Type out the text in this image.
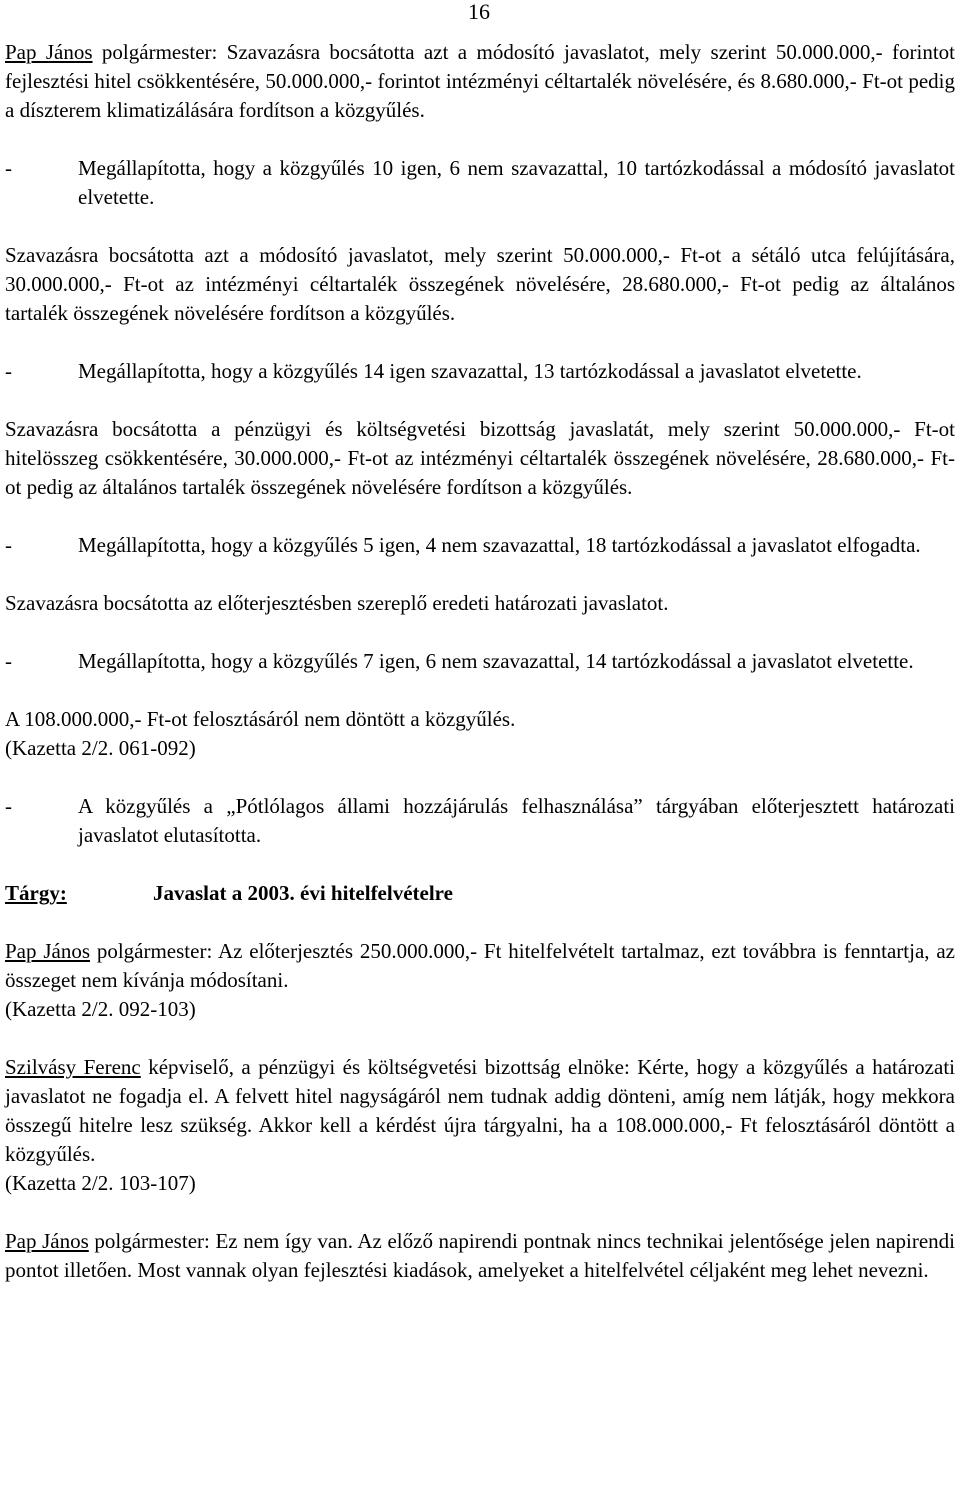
16

Pap János polgármester: Szavazásra bocsátotta azt a módosító javaslatot, mely szerint 50.000.000,- forintot fejlesztési hitel csökkentésére, 50.000.000,- forintot intézményi céltartalék növelésére, és 8.680.000,- Ft-ot pedig a díszterem klimatizálására fordítson a közgyűlés.

-	Megállapította, hogy a közgyűlés 10 igen, 6 nem szavazattal, 10 tartózkodással a módosító javaslatot elvetette.

Szavazásra bocsátotta azt a módosító javaslatot, mely szerint 50.000.000,- Ft-ot a sétáló utca felújítására, 30.000.000,- Ft-ot az intézményi céltartalék összegének növelésére, 28.680.000,- Ft-ot pedig az általános tartalék összegének növelésére fordítson a közgyűlés.

-	Megállapította, hogy a közgyűlés 14 igen szavazattal, 13 tartózkodással a javaslatot elvetette.

Szavazásra bocsátotta a pénzügyi és költségvetési bizottság javaslatát, mely szerint 50.000.000,- Ft-ot hitelösszeg csökkentésére, 30.000.000,- Ft-ot az intézményi céltartalék összegének növelésére, 28.680.000,- Ft-ot pedig az általános tartalék összegének növelésére fordítson a közgyűlés.

-	Megállapította, hogy a közgyűlés 5 igen, 4 nem szavazattal, 18 tartózkodással a javaslatot elfogadta.

Szavazásra bocsátotta az előterjesztésben szereplő eredeti határozati javaslatot.

-	Megállapította, hogy a közgyűlés 7 igen, 6 nem szavazattal, 14 tartózkodással a javaslatot elvetette.

A 108.000.000,- Ft-ot felosztásáról nem döntött a közgyűlés.

(Kazetta 2/2. 061-092)

-	A közgyűlés a „Pótlólagos állami hozzájárulás felhasználása” tárgyában előterjesztett határozati javaslatot elutasította.
Tárgy:	Javaslat a 2003. évi hitelfelvételre

Pap János polgármester: Az előterjesztés 250.000.000,- Ft hitelfelvételt tartalmaz, ezt továbbra is fenntartja, az összeget nem kívánja módosítani.

(Kazetta 2/2. 092-103)

Szilvásy Ferenc képviselő, a pénzügyi és költségvetési bizottság elnöke: Kérte, hogy a közgyűlés a határozati javaslatot ne fogadja el. A felvett hitel nagyságáról nem tudnak addig dönteni, amíg nem látják, hogy mekkora összegű hitelre lesz szükség. Akkor kell a kérdést újra tárgyalni, ha a 108.000.000,- Ft felosztásáról döntött a közgyűlés.

(Kazetta 2/2. 103-107)

Pap János polgármester: Ez nem így van. Az előző napirendi pontnak nincs technikai jelentősége jelen napirendi pontot illetően. Most vannak olyan fejlesztési kiadások, amelyeket a hitelfelvétel céljaként meg lehet nevezni.
